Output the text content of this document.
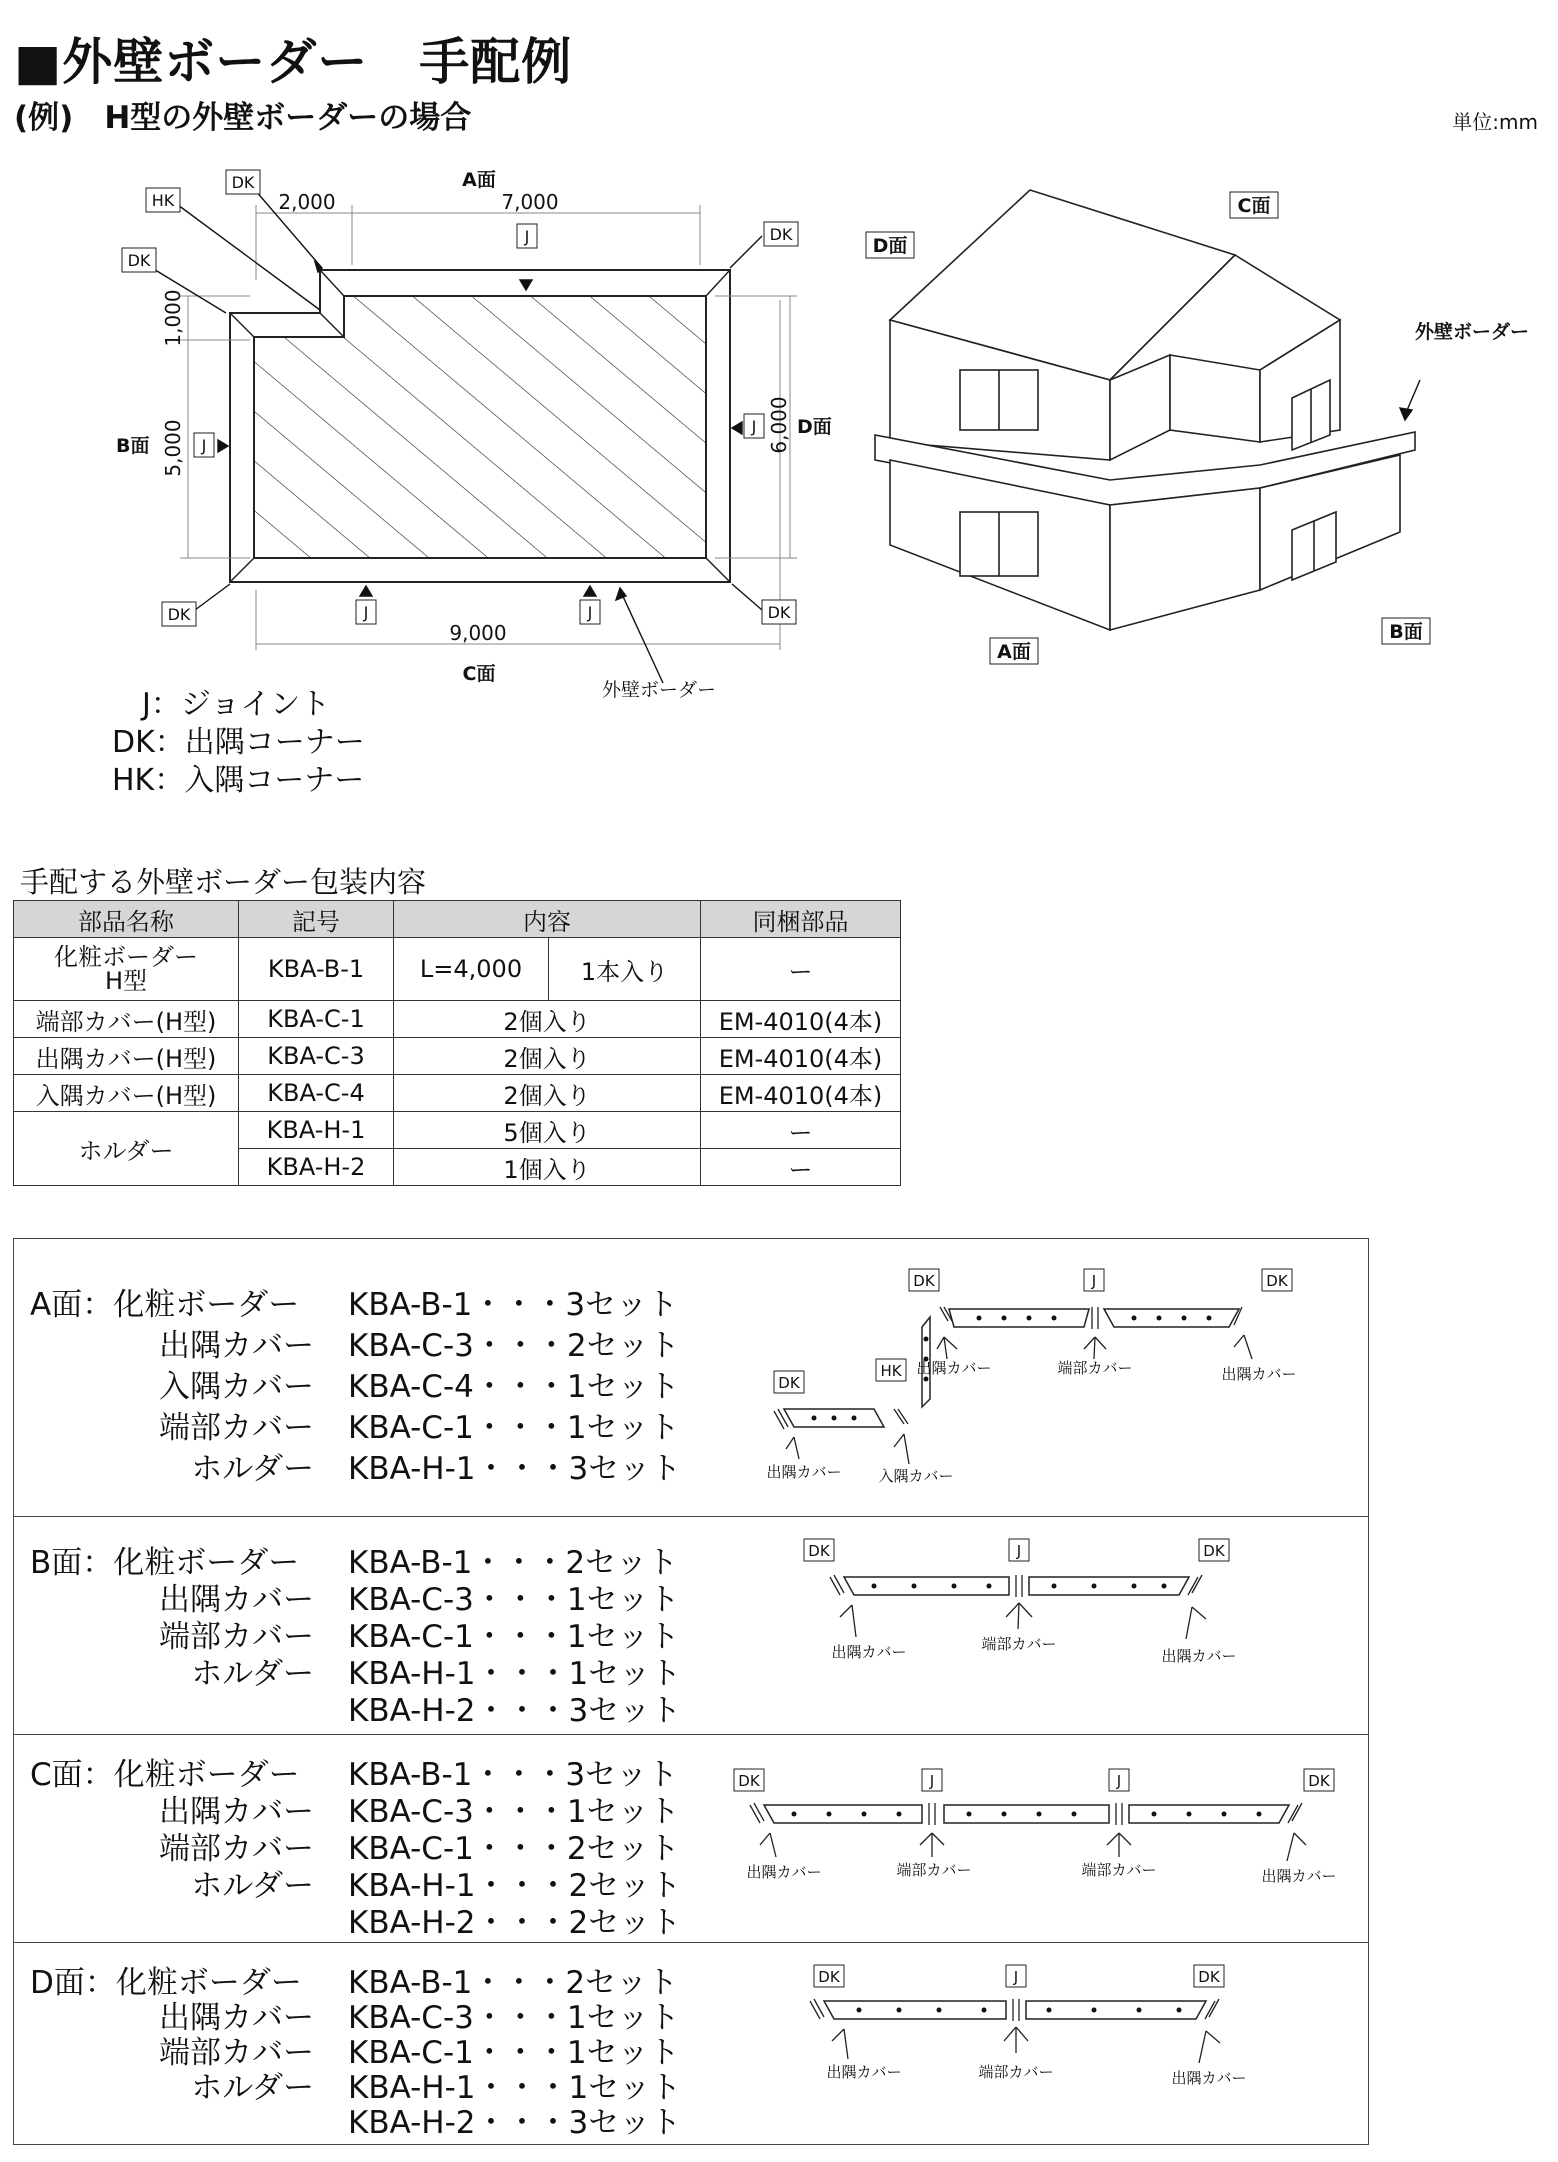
■外壁ボーダー　手配例
(例)　H型の外壁ボーダーの場合	単位:mm
DK
HK
DK
DK
DK	DK
J
J
J
J	J
2,000	7,000
A面
9,000
C面
1,000
5,000
B面	6,000 D面
外壁ボーダー
C面
D面
A面
B面
外壁ボーダー
　J：ジョイント
DK：出隅コーナー
HK：入隅コーナー
手配する外壁ボーダー包装内容
部品名称	記号	内容		同梱部品
化粧ボーダー
H型	KBA-B-1	L=4,000	1本入り	ー
端部カバー(H型)	KBA-C-1	2個入り		EM-4010(4本)
出隅カバー(H型)	KBA-C-3	2個入り		EM-4010(4本)
入隅カバー(H型)	KBA-C-4	2個入り		EM-4010(4本)
ホルダー	KBA-H-1	5個入り		ー
	KBA-H-2	1個入り		ー
A面：化粧ボーダー KBA-B-1・・・3セット
出隅カバー KBA-C-3・・・2セット
入隅カバー KBA-C-4・・・1セット
端部カバー KBA-C-1・・・1セット
ホルダー KBA-H-1・・・3セット
DK	J	DK
DK
HK 出隅カバー	端部カバー	出隅カバー
出隅カバー 入隅カバー
B面：化粧ボーダー KBA-B-1・・・2セット
出隅カバー KBA-C-3・・・1セット
端部カバー KBA-C-1・・・1セット
ホルダー KBA-H-1・・・1セット
KBA-H-2・・・3セット
DK	J	DK
出隅カバー	端部カバー
出隅カバー
C面：化粧ボーダー KBA-B-1・・・3セット
出隅カバー KBA-C-3・・・1セット
端部カバー KBA-C-1・・・2セット
ホルダー KBA-H-1・・・2セット
KBA-H-2・・・2セット
DK	J	J	DK
出隅カバー	端部カバー	端部カバー	出隅カバー
D面：化粧ボーダー KBA-B-1・・・2セット
出隅カバー KBA-C-3・・・1セット
端部カバー KBA-C-1・・・1セット
ホルダー KBA-H-1・・・1セット
KBA-H-2・・・3セット
DK	J	DK
出隅カバー	端部カバー	出隅カバー
